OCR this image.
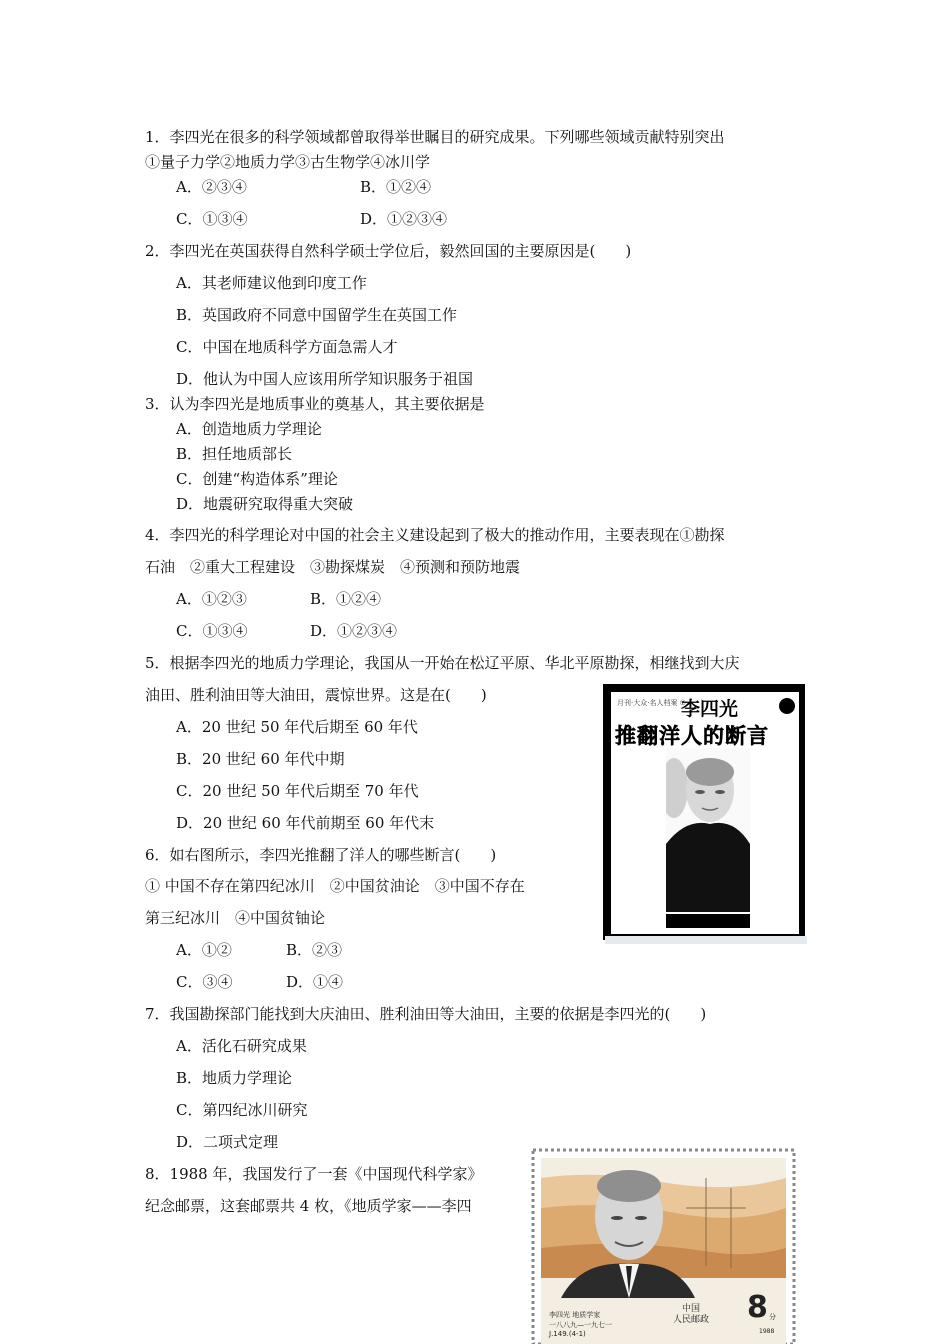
1．李四光在很多的科学领域都曾取得举世瞩目的研究成果。下列哪些领域贡献特别突出
①量子力学②地质力学③古生物学④冰川学
A．②③④	B．①②④
C．①③④	D．①②③④
2．李四光在英国获得自然科学硕士学位后，毅然回国的主要原因是(　　)
A．其老师建议他到印度工作
B．英国政府不同意中国留学生在英国工作
C．中国在地质科学方面急需人才
D．他认为中国人应该用所学知识服务于祖国
3．认为李四光是地质事业的奠基人，其主要依据是
A．创造地质力学理论
B．担任地质部长
C．创建“构造体系”理论
D．地震研究取得重大突破
4．李四光的科学理论对中国的社会主义建设起到了极大的推动作用，主要表现在①勘探
石油　②重大工程建设　③勘探煤炭　④预测和预防地震
A．①②③	B．①②④
C．①③④	D．①②③④
5．根据李四光的地质力学理论，我国从一开始在松辽平原、华北平原勘探，相继找到大庆
油田、胜利油田等大油田，震惊世界。这是在(　　)
A．20 世纪 50 年代后期至 60 年代
B．20 世纪 60 年代中期
C．20 世纪 50 年代后期至 70 年代
D．20 世纪 60 年代前期至 60 年代末
6．如右图所示，李四光推翻了洋人的哪些断言(　　)
① 中国不存在第四纪冰川　②中国贫油论　③中国不存在
第三纪冰川　④中国贫铀论
A．①②	B．②③
C．③④	D．①④
7．我国勘探部门能找到大庆油田、胜利油田等大油田，主要的依据是李四光的(　　)
A．活化石研究成果
B．地质力学理论
C．第四纪冰川研究
D．二项式定理
8．1988 年，我国发行了一套《中国现代科学家》
纪念邮票，这套邮票共 4 枚，《地质学家——李四
月刊·大众·名人档案 ⑦
李四光
推翻洋人的断言
李四光 地质学家
一八八九—一九七一
J.149.(4-1)
中国
人民邮政 8 分
1988
